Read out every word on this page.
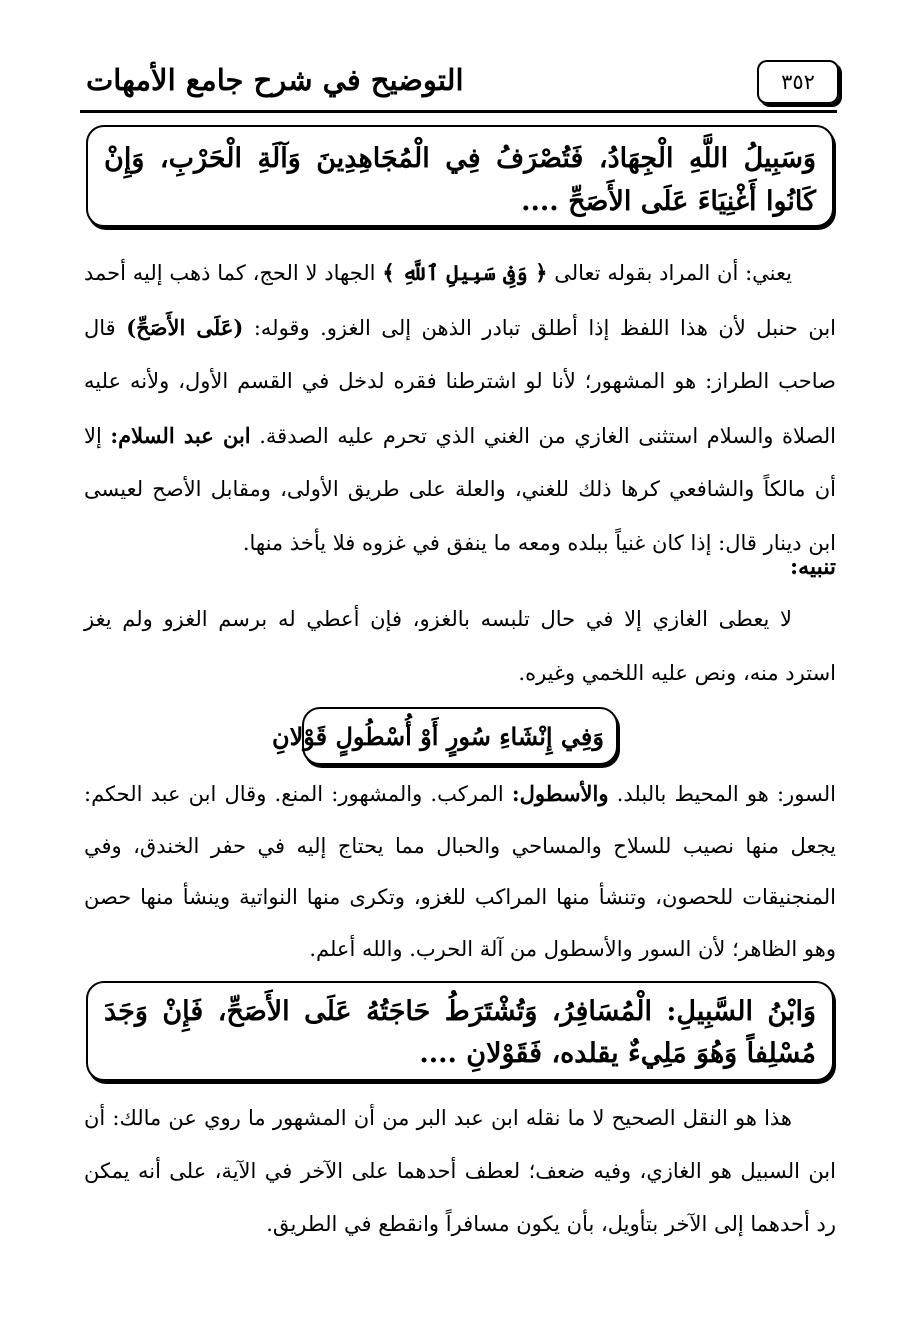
التوضيح في شرح جامع الأمهات	٣٥٢
وَسَبِيلُ اللَّهِ الْجِهَادُ، فَتُصْرَفُ فِي الْمُجَاهِدِينَ وَآلَةِ الْحَرْبِ، وَإِنْ كَانُوا أَغْنِيَاءَ عَلَى الأَصَحِّ ....
يعني: أن المراد بقوله تعالى ﴿ وَفِى سَبِيلِ ٱللَّهِ ﴾ الجهاد لا الحج، كما ذهب إليه أحمد ابن حنبل لأن هذا اللفظ إذا أطلق تبادر الذهن إلى الغزو. وقوله: (عَلَى الأَصَحِّ) قال صاحب الطراز: هو المشهور؛ لأنا لو اشترطنا فقره لدخل في القسم الأول، ولأنه عليه الصلاة والسلام استثنى الغازي من الغني الذي تحرم عليه الصدقة. ابن عبد السلام: إلا أن مالكاً والشافعي كرها ذلك للغني، والعلة على طريق الأولى، ومقابل الأصح لعيسى ابن دينار قال: إذا كان غنياً ببلده ومعه ما ينفق في غزوه فلا يأخذ منها.
تنبيه:
لا يعطى الغازي إلا في حال تلبسه بالغزو، فإن أعطي له برسم الغزو ولم يغز استرد منه، ونص عليه اللخمي وغيره.
وَفِي إِنْشَاءِ سُورٍ أَوْ أُسْطُولٍ قَوْلانِ
السور: هو المحيط بالبلد. والأسطول: المركب. والمشهور: المنع. وقال ابن عبد الحكم: يجعل منها نصيب للسلاح والمساحي والحبال مما يحتاج إليه في حفر الخندق، وفي المنجنيقات للحصون، وتنشأ منها المراكب للغزو، وتكرى منها النواتية وينشأ منها حصن وهو الظاهر؛ لأن السور والأسطول من آلة الحرب. والله أعلم.
وَابْنُ السَّبِيلِ: الْمُسَافِرُ، وَتُشْتَرَطُ حَاجَتُهُ عَلَى الأَصَحِّ، فَإِنْ وَجَدَ مُسْلِفاً وَهُوَ مَلِيءٌ يقلده، فَقَوْلانِ ....
هذا هو النقل الصحيح لا ما نقله ابن عبد البر من أن المشهور ما روي عن مالك: أن ابن السبيل هو الغازي، وفيه ضعف؛ لعطف أحدهما على الآخر في الآية، على أنه يمكن رد أحدهما إلى الآخر بتأويل، بأن يكون مسافراً وانقطع في الطريق.
